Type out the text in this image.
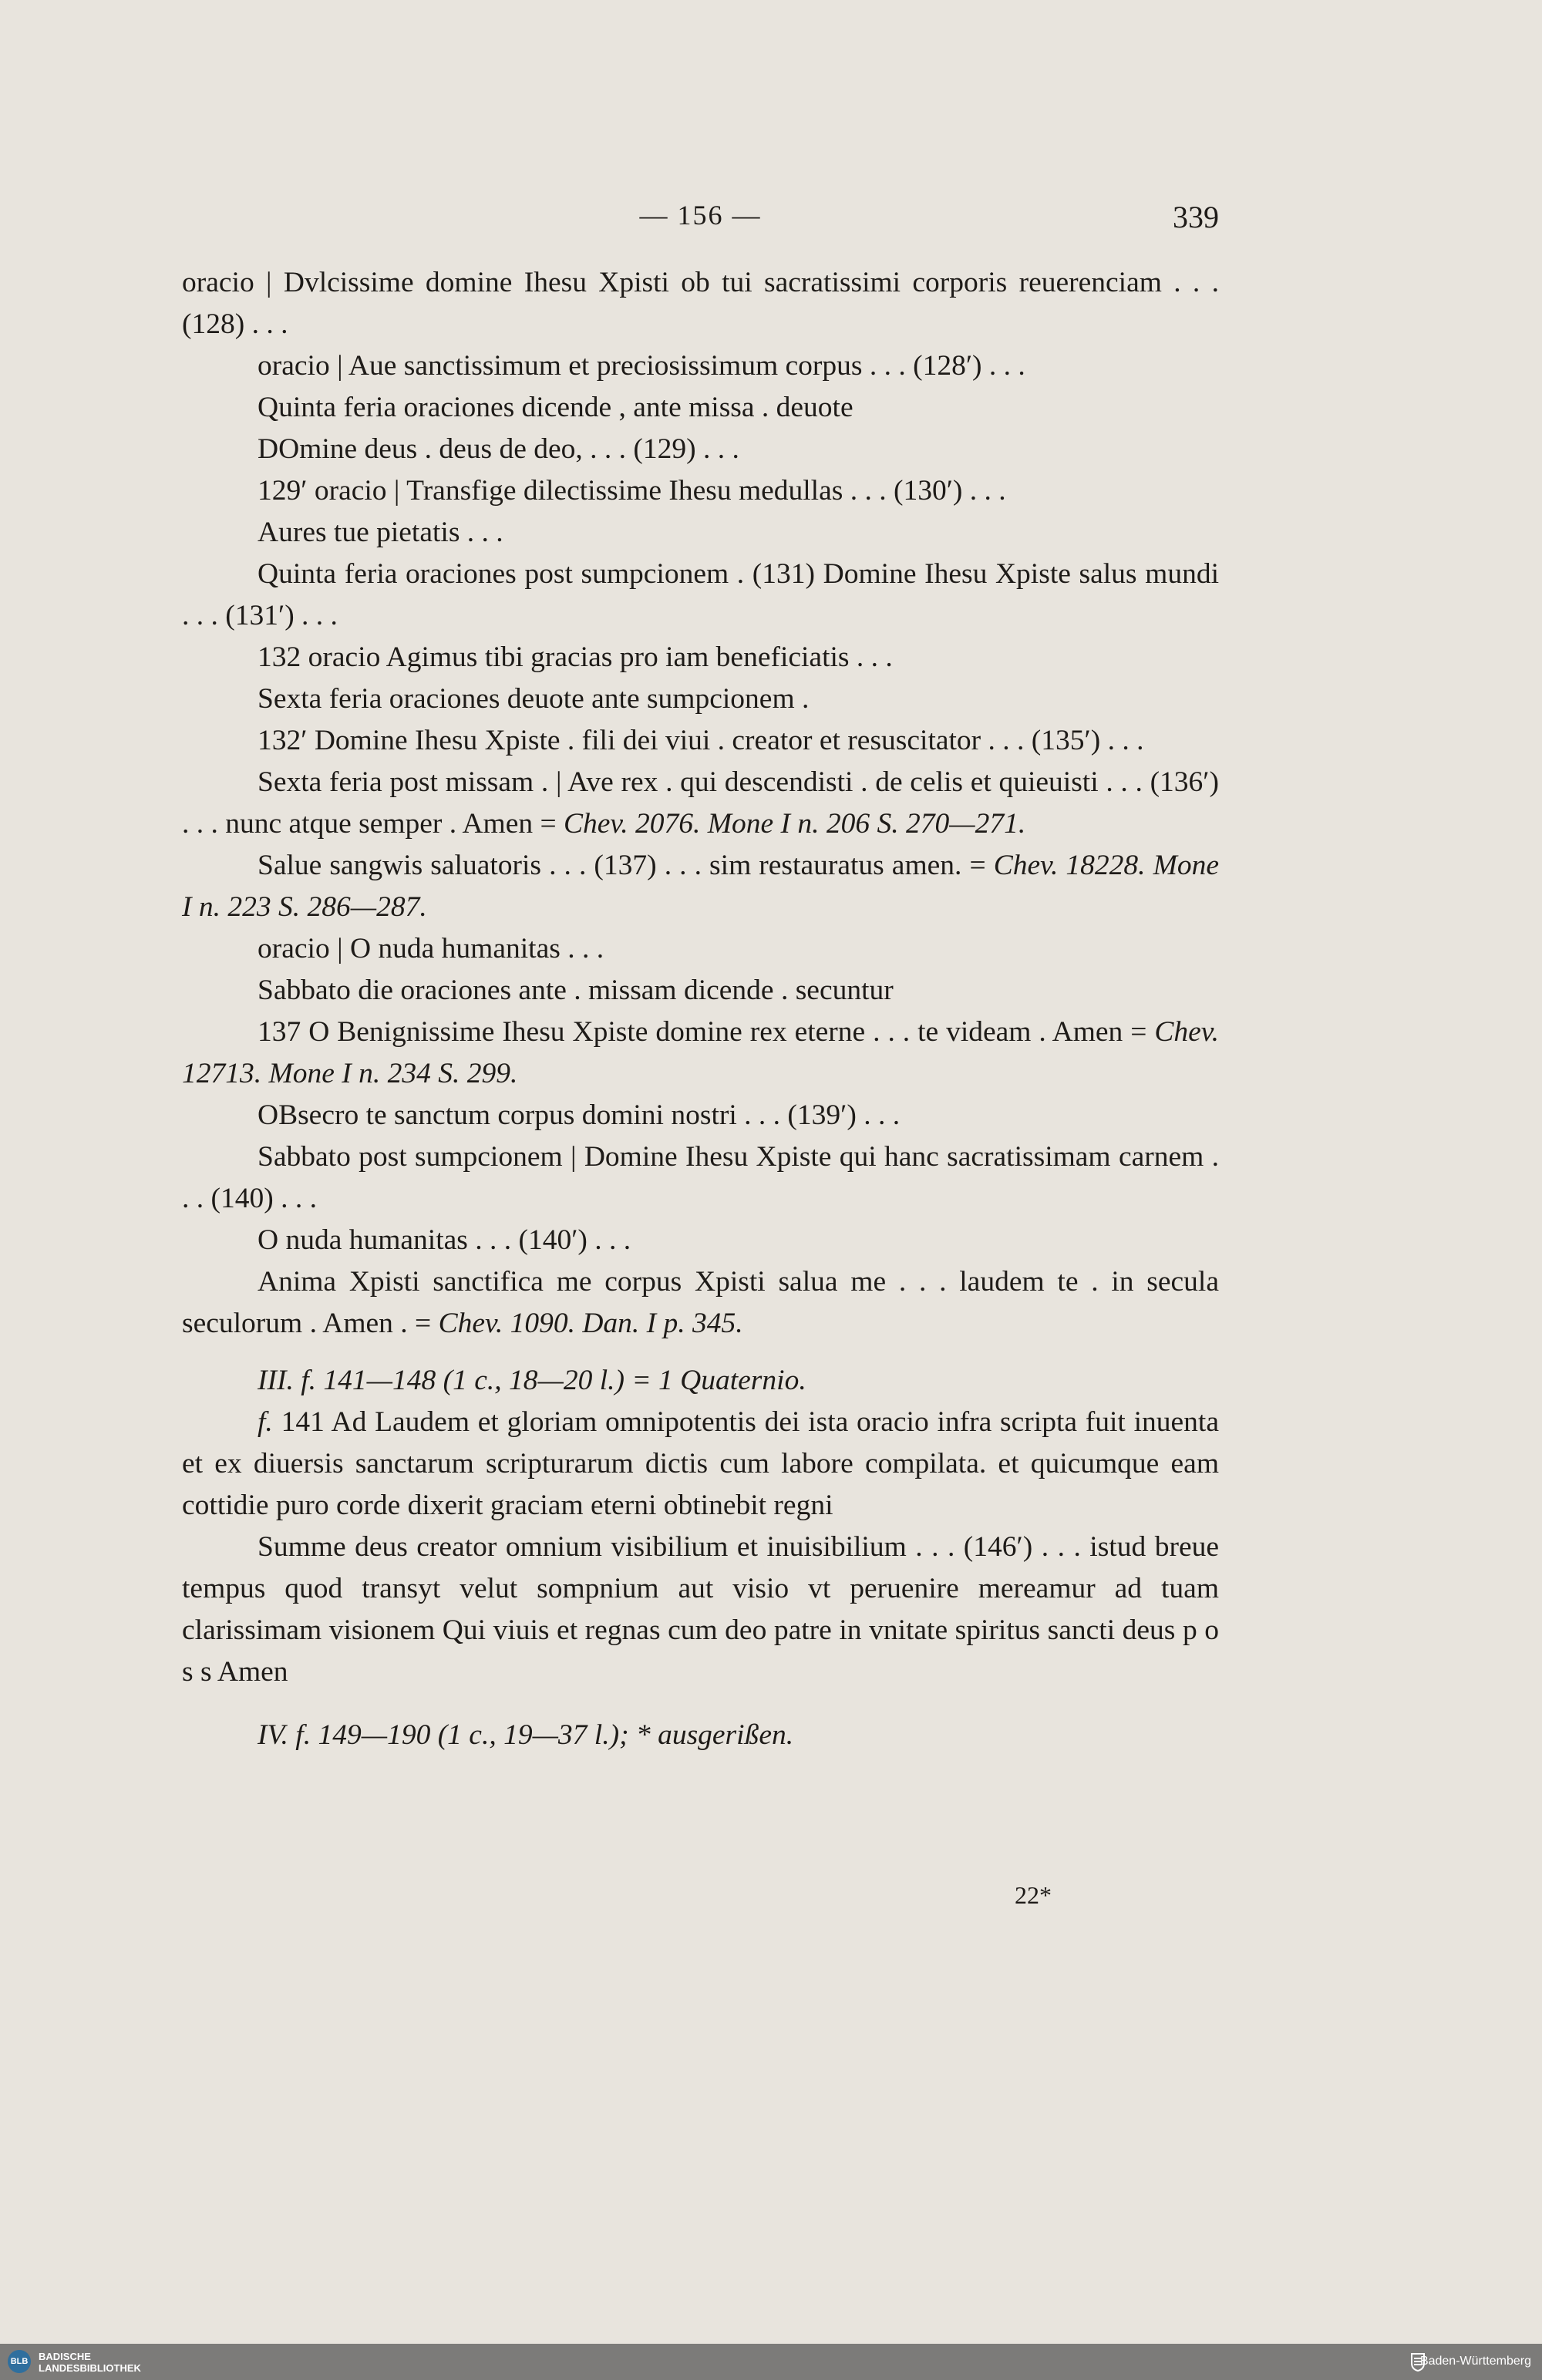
— 156 —	339

oracio | Dvlcissime domine Ihesu Xpisti ob tui sacratissimi corporis reuerenciam . . . (128) . . .

oracio | Aue sanctissimum et preciosissimum corpus . . . (128′) . . .

Quinta feria oraciones dicende , ante missa . deuote

DOmine deus . deus de deo, . . . (129) . . .

129′ oracio | Transfige dilectissime Ihesu medullas . . . (130′) . . .

Aures tue pietatis . . .

Quinta feria oraciones post sumpcionem . (131) Domine Ihesu Xpiste salus mundi . . . (131′) . . .

132 oracio Agimus tibi gracias pro iam beneficiatis . . .

Sexta feria oraciones deuote ante sumpcionem .

132′ Domine Ihesu Xpiste . fili dei viui . creator et resuscitator . . . (135′) . . .

Sexta feria post missam . | Ave rex . qui descendisti . de celis et quieuisti . . . (136′) . . . nunc atque semper . Amen = Chev. 2076. Mone I n. 206 S. 270—271.

Salue sangwis saluatoris . . . (137) . . . sim restauratus amen. = Chev. 18228. Mone I n. 223 S. 286—287.

oracio | O nuda humanitas . . .

Sabbato die oraciones ante . missam dicende . secuntur

137 O Benignissime Ihesu Xpiste domine rex eterne . . . te videam . Amen = Chev. 12713. Mone I n. 234 S. 299.

OBsecro te sanctum corpus domini nostri . . . (139′) . . .

Sabbato post sumpcionem | Domine Ihesu Xpiste qui hanc sacratissimam carnem . . . (140) . . .

O nuda humanitas . . . (140′) . . .

Anima Xpisti sanctifica me corpus Xpisti salua me . . . laudem te . in secula seculorum . Amen . = Chev. 1090. Dan. I p. 345.

III. f. 141—148 (1 c., 18—20 l.) = 1 Quaternio.

f. 141 Ad Laudem et gloriam omnipotentis dei ista oracio infra scripta fuit inuenta et ex diuersis sanctarum scripturarum dictis cum labore compilata. et quicumque eam cottidie puro corde dixerit graciam eterni obtinebit regni

Summe deus creator omnium visibilium et inuisibilium . . . (146′) . . . istud breue tempus quod transyt velut sompnium aut visio vt peruenire mereamur ad tuam clarissimam visionem Qui viuis et regnas cum deo patre in vnitate spiritus sancti deus p o s s Amen

IV. f. 149—190 (1 c., 19—37 l.); * ausgerißen.

22*
BLB BADISCHE
LANDESBIBLIOTHEK
Baden-Württemberg
